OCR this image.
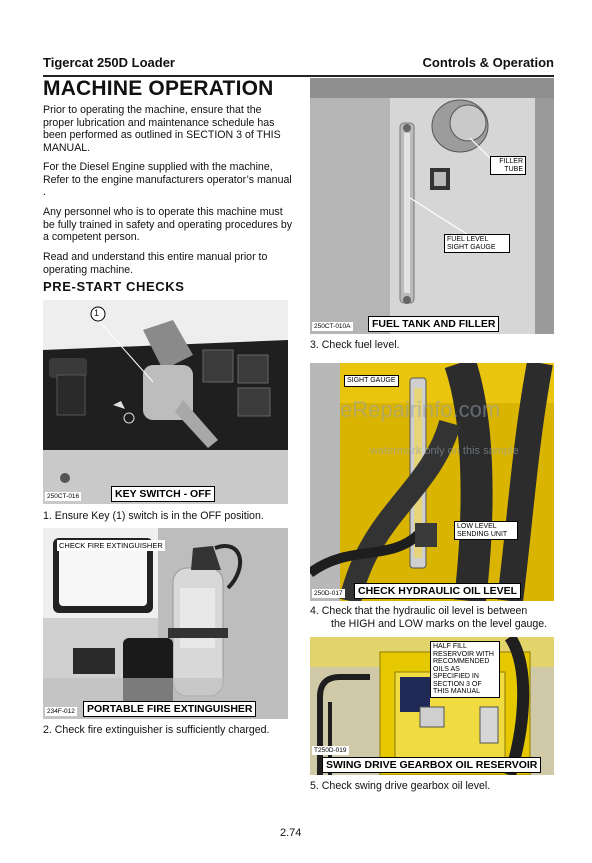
Tigercat 250D Loader	Controls & Operation
MACHINE OPERATION
Prior to operating the machine, ensure that the proper lubrication and maintenance schedule has been performed as outlined in SECTION 3 of THIS MANUAL.
For the Diesel Engine supplied with the machine, Refer to the engine manufacturers operator’s manual .
Any personnel who is to operate this machine must be fully trained in safety and operating procedures by a competent person.
Read and understand this entire manual prior to operating machine.
PRE-START CHECKS
1
250CT-016	KEY SWITCH - OFF
1. Ensure Key (1) switch is in the OFF position.
CHECK FIRE EXTINGUISHER
234F-012	PORTABLE FIRE EXTINGUISHER
2. Check fire extinguisher is sufficiently charged.
FILLER TUBE
FUEL LEVEL SIGHT GAUGE
250CT-010A	FUEL TANK AND FILLER
3. Check fuel level.
SIGHT GAUGE
LOW LEVEL SENDING UNIT
eRepairinfo.com
watermark only on this sample
250D-017	CHECK HYDRAULIC OIL LEVEL
4. Check that the hydraulic oil level is between
the HIGH and LOW marks on the level gauge.
HALF FILL RESERVOIR WITH RECOMMENDED OILS AS SPECIFIED IN SECTION 3 OF THIS MANUAL
T250D-019
SWING DRIVE GEARBOX OIL RESERVOIR
5. Check swing drive gearbox oil level.
2.74
